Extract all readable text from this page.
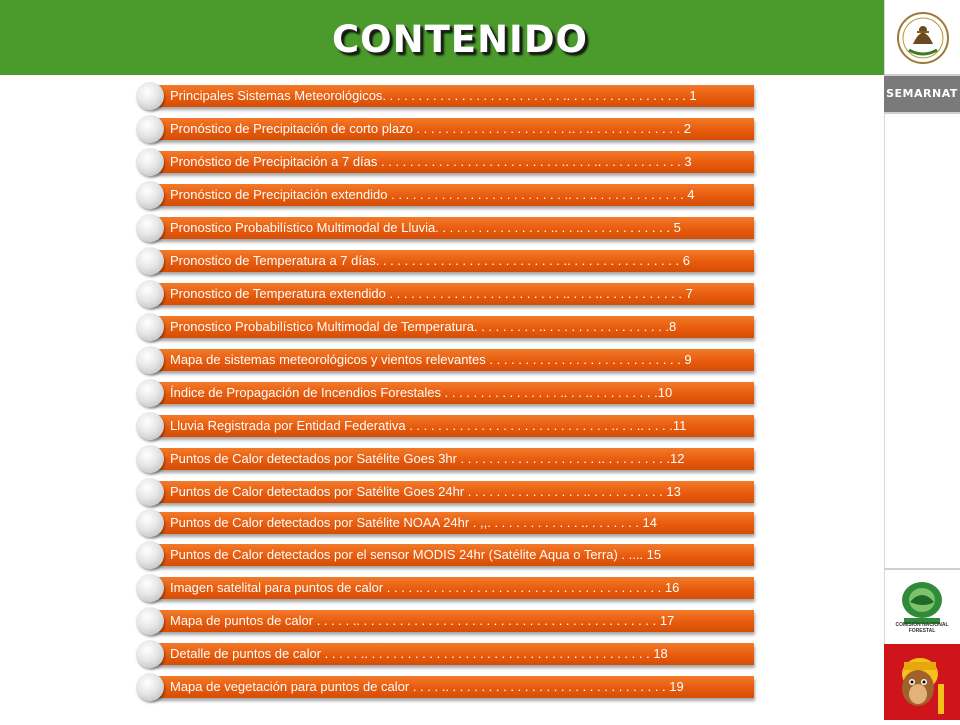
CONTENIDO
SEMARNAT
COMISIÓN NACIONAL FORESTAL
Principales Sistemas Meteorológicos. . . . . . . . . . . . . . . . . . . . . . . . . .. . . . . . . . . . . . . . . . . 1
Pronóstico de Precipitación de corto plazo . . . . . . . . . . . . . . . . . . . . . .. . .. . . . . . . . . . . . . 2
Pronóstico de Precipitación a 7 días . . . . . . . . . . . . . . . . . . . . . . . . . .. . . . .. . . . . . . . . . . . 3
Pronóstico de Precipitación extendido . . . . . . . . . . . . . . . . . . . . . . . . .. . . .. . . . . . . . . . . . . 4
Pronostico Probabilístico Multimodal de Lluvia. . . . . . . . . . . . . . . . .. . . .. . . . . . . . . . . . . 5
Pronostico de Temperatura a 7 días. . . . . . . . . . . . . . . . . . . . . . . . . . .. . . . . . . . . . . . . . . . 6
Pronostico de Temperatura extendido . . . . . . . . . . . . . . . . . . . . . . . . .. . . . .. . . . . . . . . . . . 7
Pronostico Probabilístico Multimodal de Temperatura. . . . . . . . . .. . . . . . . . . . . . . . . . . .8
Mapa de sistemas meteorológicos y vientos relevantes . . . . . . . . . . . . . . . . . . . . . . . . . . . 9
Índice de Propagación de Incendios Forestales . . . . . . . . . . . . . . . . .. . . .. . . . . . . . . .10
Lluvia Registrada por Entidad Federativa . . . . . . . . . . . . . . . . . . . . . . . . . . . . .. . . .. . . . .11
Puntos de Calor detectados por Satélite Goes 3hr . . . . . . . . . . . . . . . . . . . .. . . . . . . . . .12
Puntos de Calor detectados por Satélite Goes 24hr . . . . . . . . . . . . . . . . .. . . . . . . . . . . 13
Puntos de Calor detectados por Satélite NOAA 24hr . ,,. . . . . . . . . . . . . .. . . . . . . . 14
Puntos de Calor detectados por el sensor MODIS 24hr (Satélite Aqua o Terra) . .... 15
Imagen satelital para puntos de calor . . . . .. . . . . . . . . . . . . . . . . . . . . . . . . . . . . . . . . . 16
Mapa de puntos de calor . . . . . .. . . . . . . . . . . . . . . . . . . . . . . . . . . . . . . . . . . . . . . . . . 17
Detalle de puntos de calor . . . . . .. . . . . . . . . . . . . . . . . . . . . . . . . . . . . . . . . . . . . . . . 18
Mapa de vegetación para puntos de calor . . . . .. . . . . . . . . . . . . . . . . . . . . . . . . . . . . . . 19
